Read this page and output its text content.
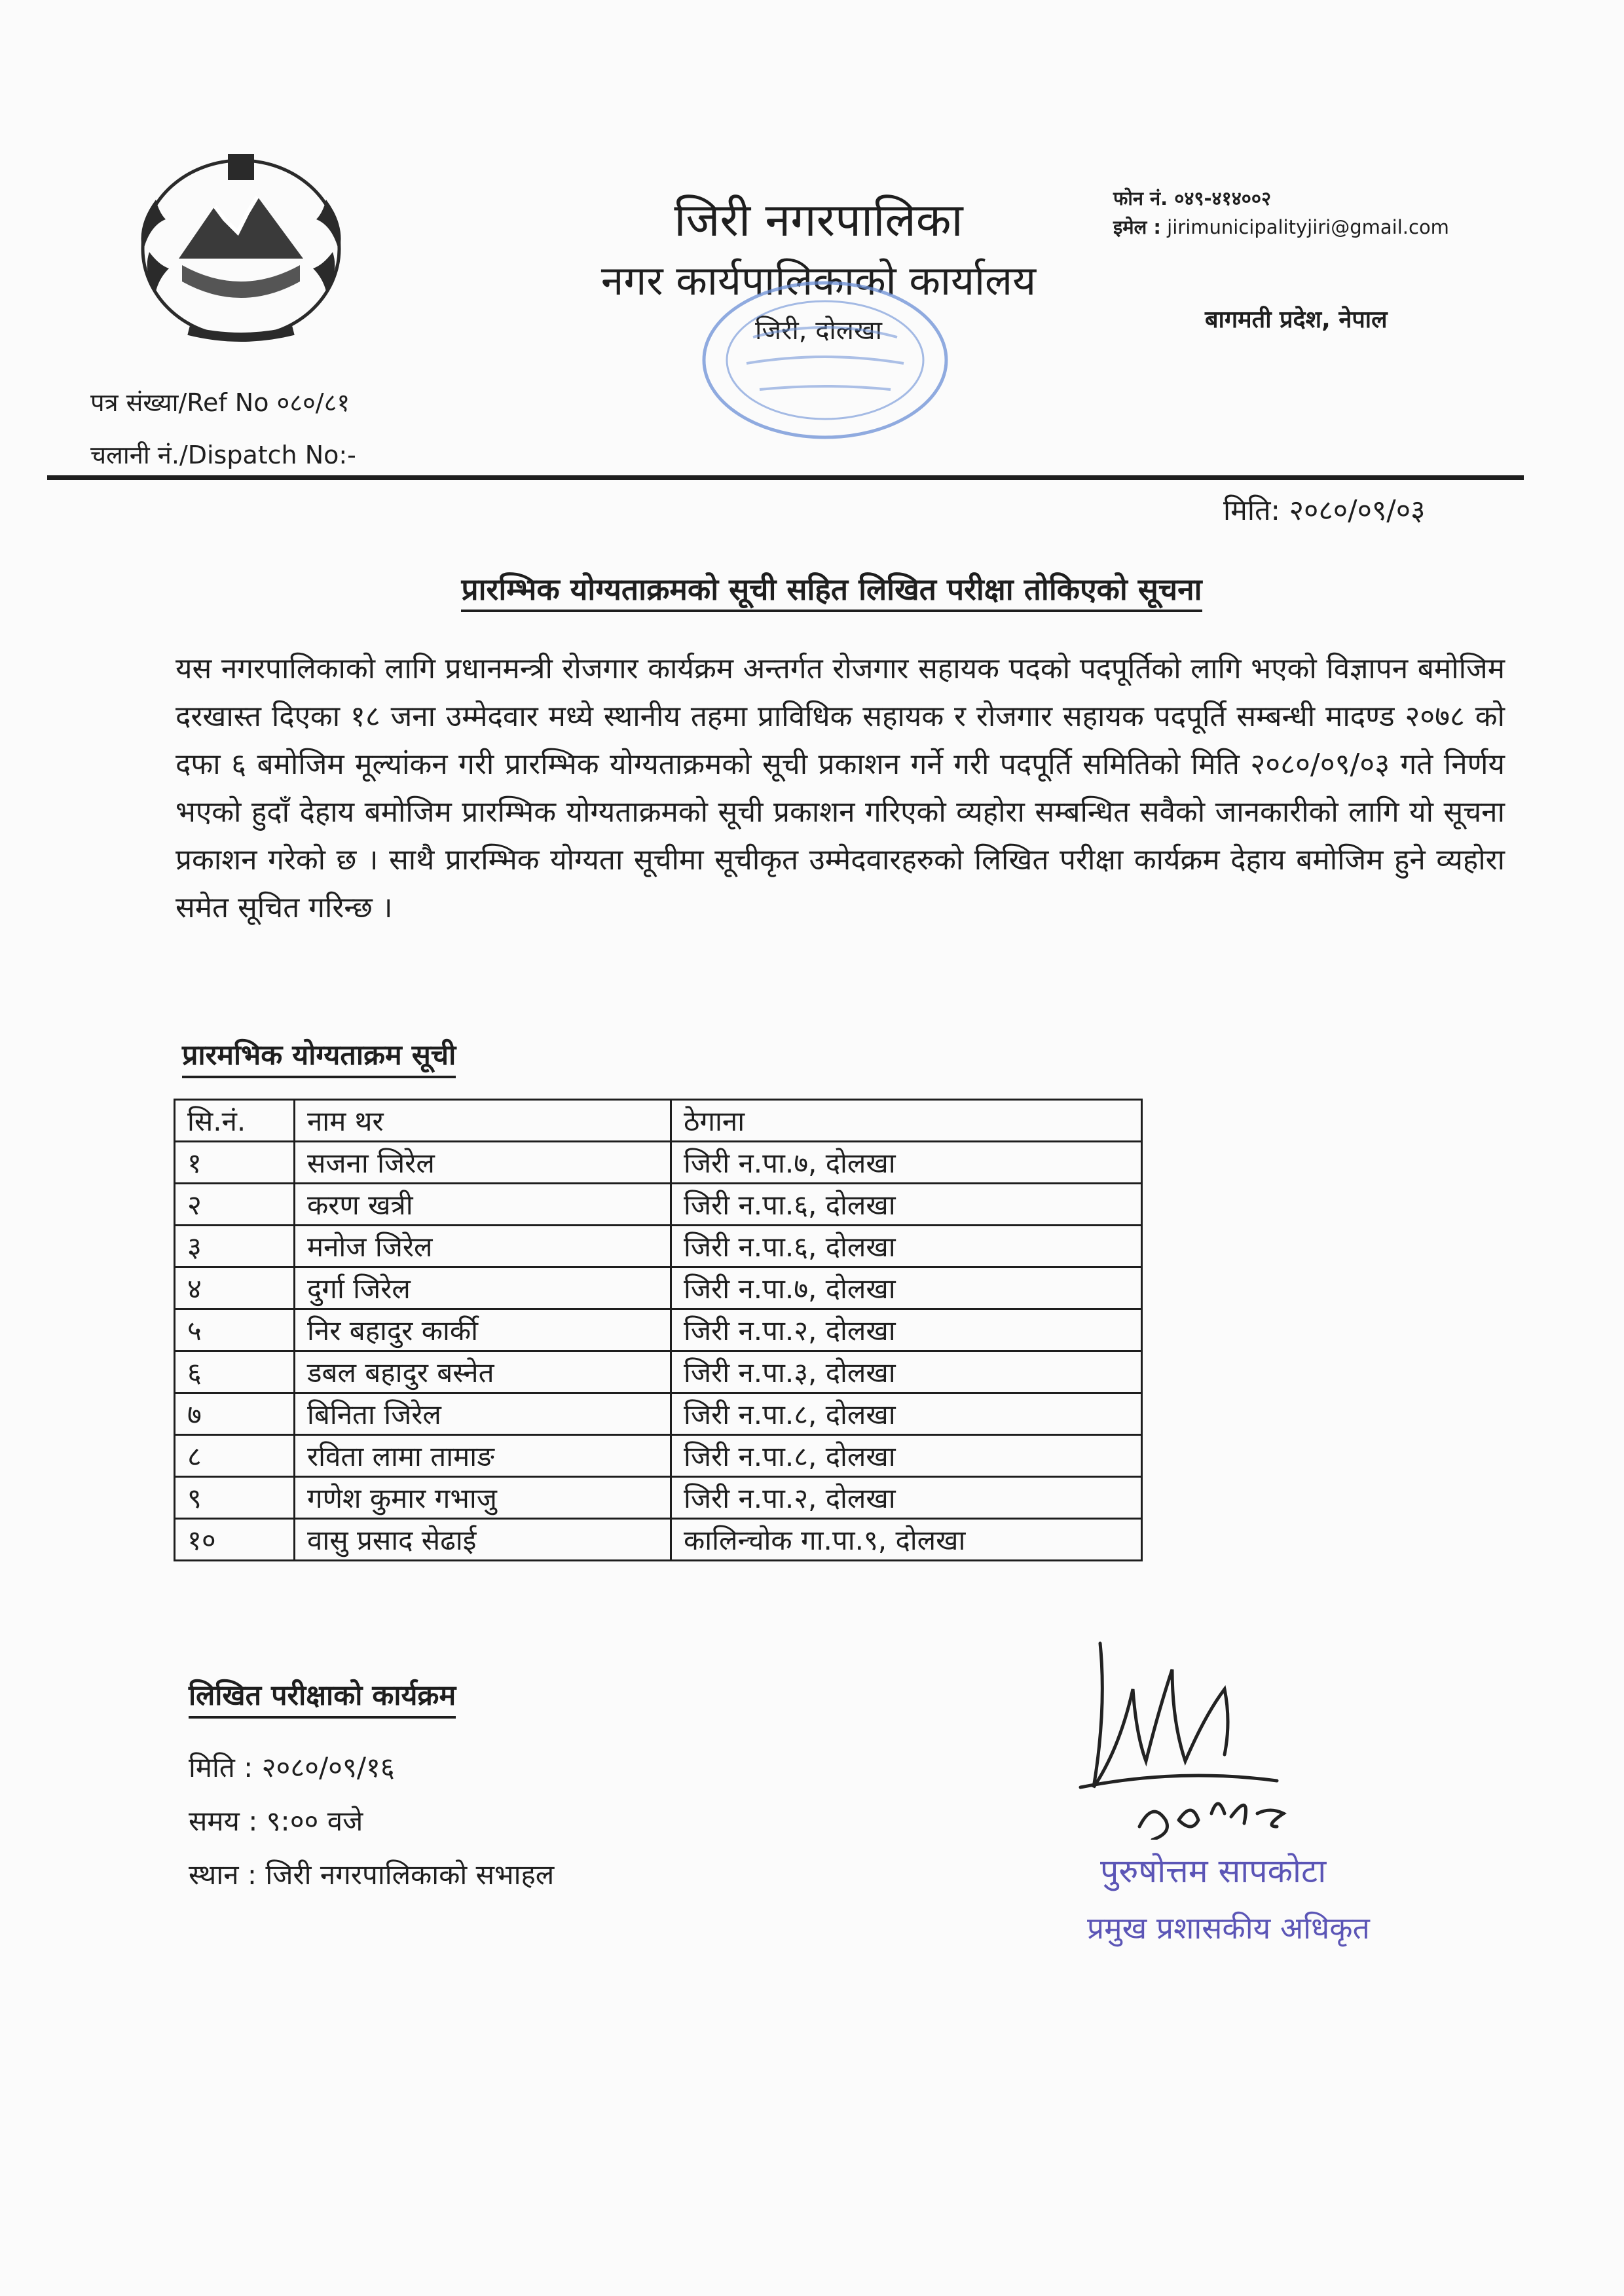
जिरी नगरपालिका
नगर कार्यपालिकाको कार्यालय
जिरी, दोलखा
फोन नं. ०४९-४१४००२
इमेल : jirimunicipalityjiri@gmail.com
बागमती प्रदेश, नेपाल
पत्र संख्या/Ref No ०८०/८१
चलानी नं./Dispatch No:-
मिति: २०८०/०९/०३
प्रारम्भिक योग्यताक्रमको सूची सहित लिखित परीक्षा तोकिएको सूचना
यस नगरपालिकाको लागि प्रधानमन्त्री रोजगार कार्यक्रम अन्तर्गत रोजगार सहायक पदको पदपूर्तिको लागि भएको विज्ञापन बमोजिम दरखास्त दिएका १८ जना उम्मेदवार मध्ये स्थानीय तहमा प्राविधिक सहायक र रोजगार सहायक पदपूर्ति सम्बन्धी मादण्ड २०७८ को दफा ६ बमोजिम मूल्यांकन गरी प्रारम्भिक योग्यताक्रमको सूची प्रकाशन गर्ने गरी पदपूर्ति समितिको मिति २०८०/०९/०३ गते निर्णय भएको हुदाँ देहाय बमोजिम प्रारम्भिक योग्यताक्रमको सूची प्रकाशन गरिएको व्यहोरा सम्बन्धित सवैको जानकारीको लागि यो सूचना प्रकाशन गरेको छ । साथै प्रारम्भिक योग्यता सूचीमा सूचीकृत उम्मेदवारहरुको लिखित परीक्षा कार्यक्रम देहाय बमोजिम हुने व्यहोरा समेत सूचित गरिन्छ ।
प्रारमभिक योग्यताक्रम सूची
सि.नं.	नाम थर	ठेगाना
१	सजना जिरेल	जिरी न.पा.७, दोलखा
२	करण खत्री	जिरी न.पा.६, दोलखा
३	मनोज जिरेल	जिरी न.पा.६, दोलखा
४	दुर्गा जिरेल	जिरी न.पा.७, दोलखा
५	निर बहादुर कार्की	जिरी न.पा.२, दोलखा
६	डबल बहादुर बस्नेत	जिरी न.पा.३, दोलखा
७	बिनिता जिरेल	जिरी न.पा.८, दोलखा
८	रविता लामा तामाङ	जिरी न.पा.८, दोलखा
९	गणेश कुमार गभाजु	जिरी न.पा.२, दोलखा
१०	वासु प्रसाद सेढाई	कालिन्चोक गा.पा.९, दोलखा
लिखित परीक्षाको कार्यक्रम
मिति : २०८०/०९/१६
समय : ९:०० वजे
स्थान : जिरी नगरपालिकाको सभाहल	पुरुषोत्तम सापकोटा
प्रमुख प्रशासकीय अधिकृत
